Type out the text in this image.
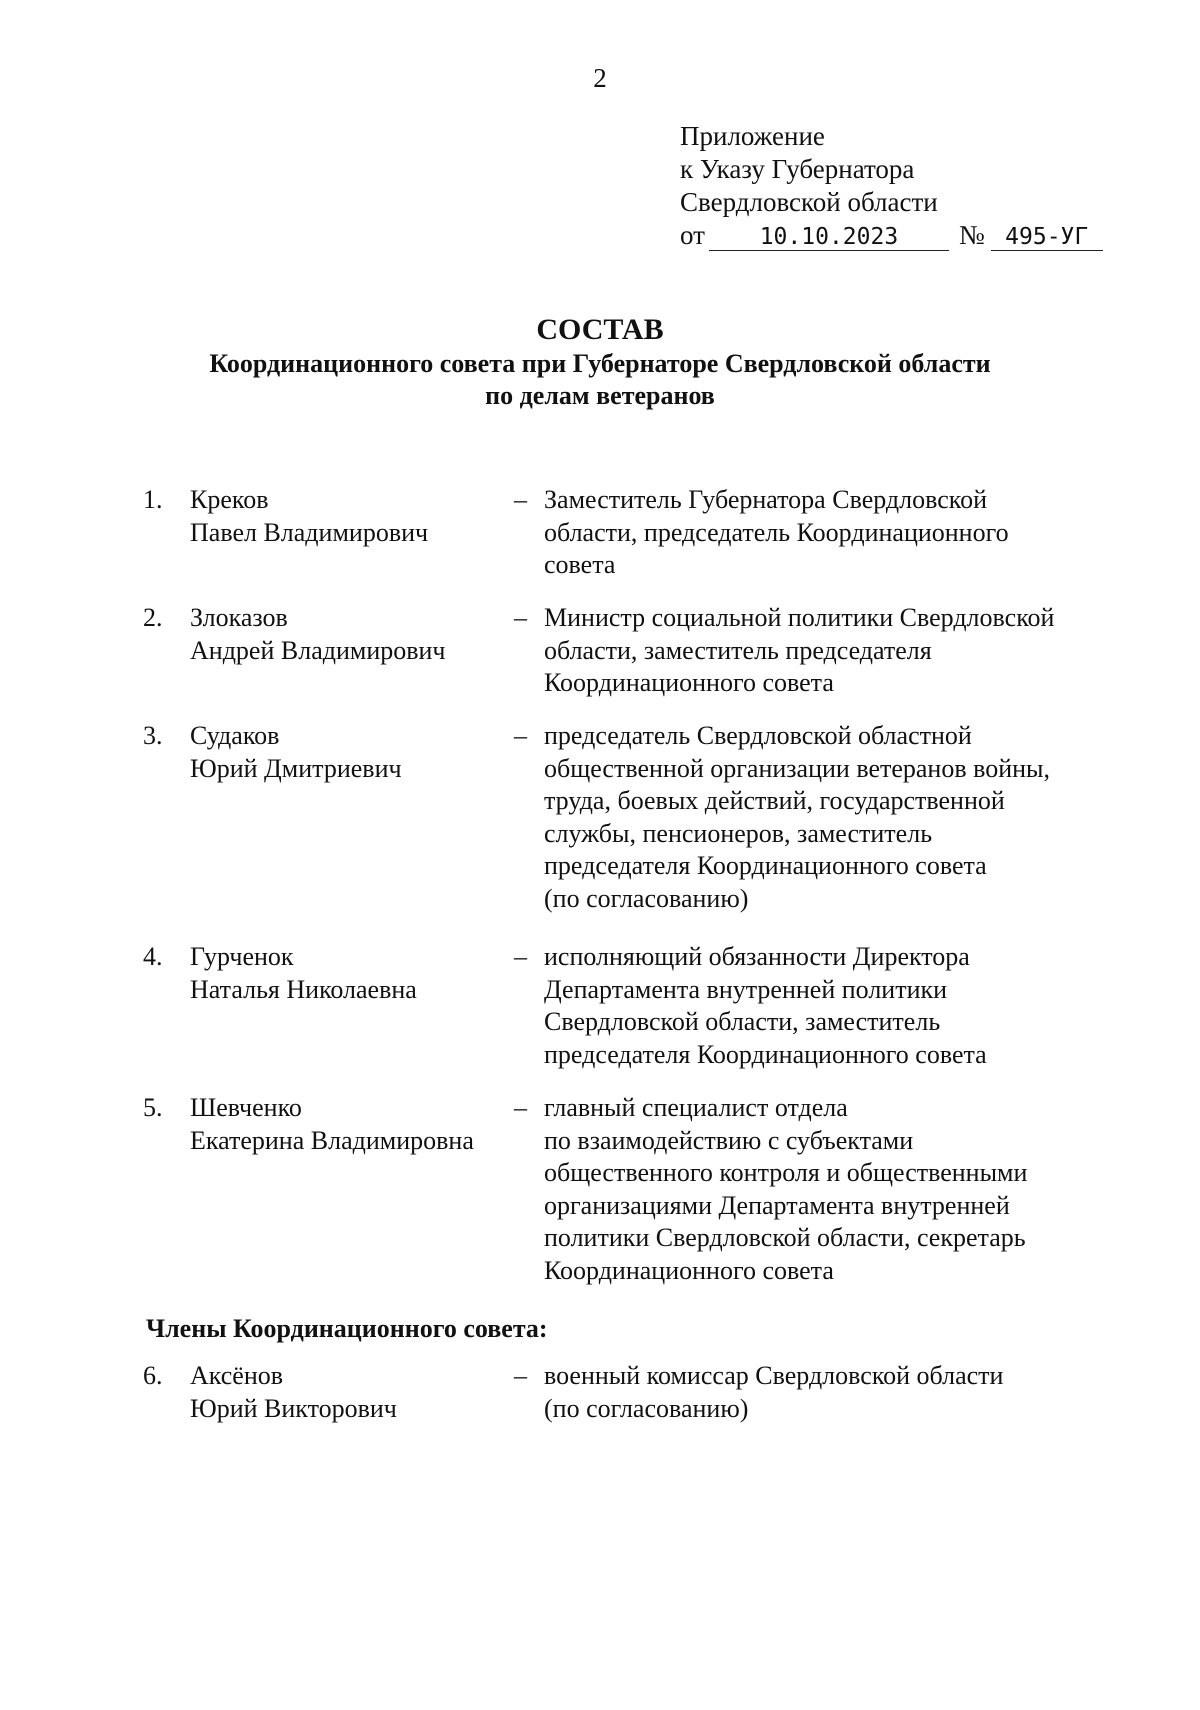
2
Приложение
к Указу Губернатора
Свердловской области
от 10.10.2023 № 495-УГ
СОСТАВ
Координационного совета при Губернаторе Свердловской области
по делам ветеранов
1. Креков
Павел Владимирович
– Заместитель Губернатора Свердловской
области, председатель Координационного
совета
2. Злоказов
Андрей Владимирович
– Министр социальной политики Свердловской
области, заместитель председателя
Координационного совета
3. Судаков
Юрий Дмитриевич
– председатель Свердловской областной
общественной организации ветеранов войны,
труда, боевых действий, государственной
службы, пенсионеров, заместитель
председателя Координационного совета
(по согласованию)
4. Гурченок
Наталья Николаевна
– исполняющий обязанности Директора
Департамента внутренней политики
Свердловской области, заместитель
председателя Координационного совета
5. Шевченко
Екатерина Владимировна
– главный специалист отдела
по взаимодействию с субъектами
общественного контроля и общественными
организациями Департамента внутренней
политики Свердловской области, секретарь
Координационного совета
Члены Координационного совета:
6. Аксёнов
Юрий Викторович
– военный комиссар Свердловской области
(по согласованию)
